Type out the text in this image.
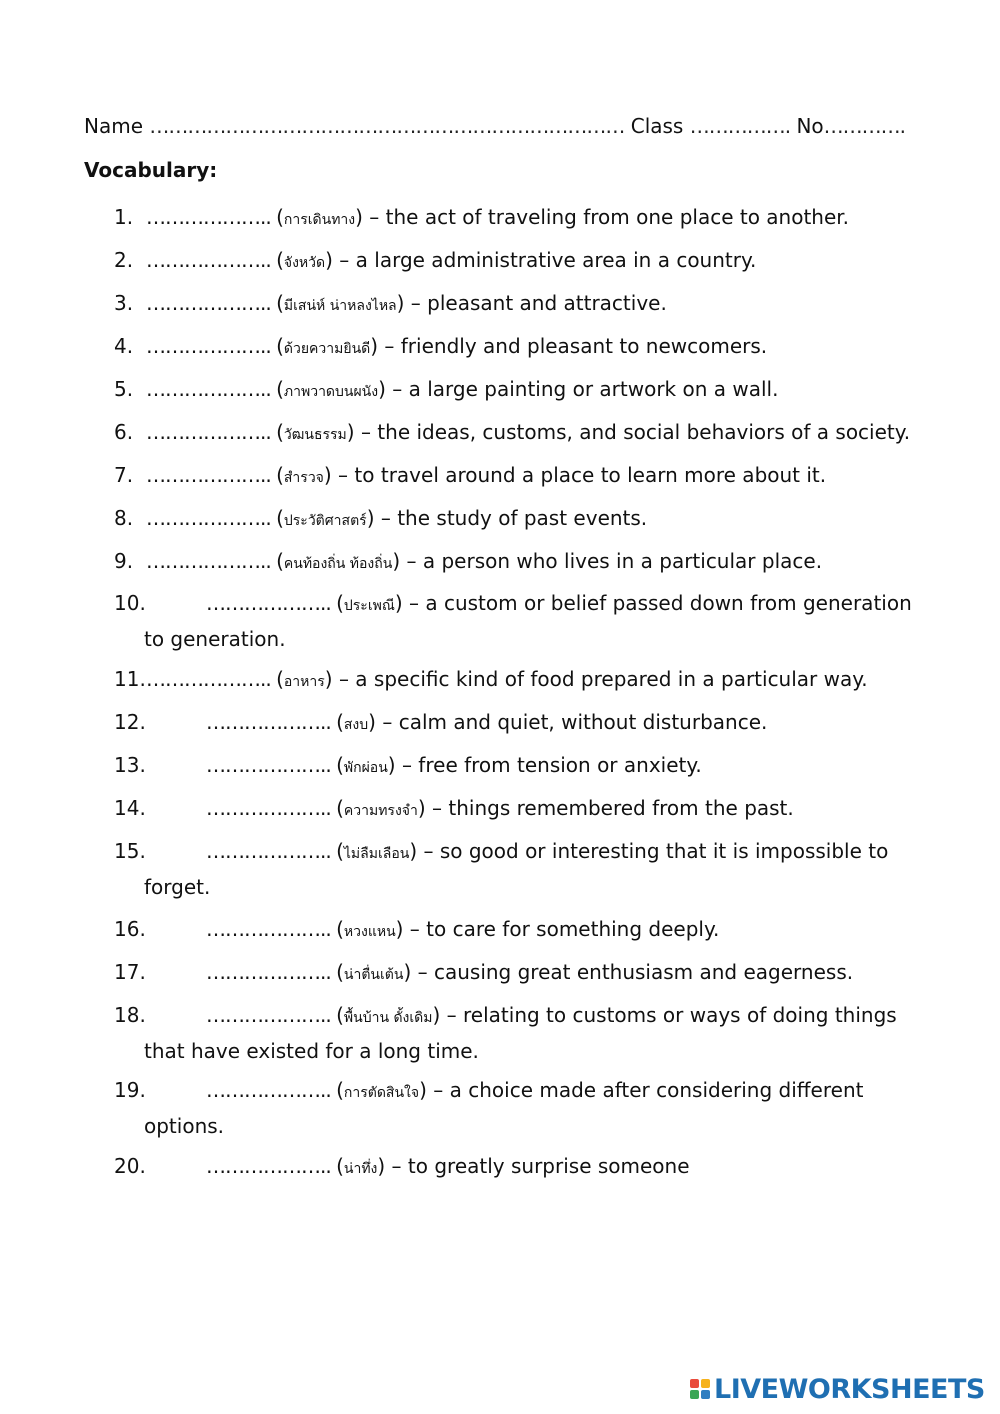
Name ………………………………………………………………… Class ……………. No………….
Vocabulary:
1. ……………….. (การเดินทาง) – the act of traveling from one place to another.
2. ……………….. (จังหวัด) – a large administrative area in a country.
3. ……………….. (มีเสน่ห์ น่าหลงไหล) – pleasant and attractive.
4. ……………….. (ด้วยความยินดี) – friendly and pleasant to newcomers.
5. ……………….. (ภาพวาดบนผนัง) – a large painting or artwork on a wall.
6. ……………….. (วัฒนธรรม) – the ideas, customs, and social behaviors of a society.
7. ……………….. (สำรวจ) – to travel around a place to learn more about it.
8. ……………….. (ประวัติศาสตร์) – the study of past events.
9. ……………….. (คนท้องถิ่น ท้องถิ่น) – a person who lives in a particular place.
10.	……………….. (ประเพณี) – a custom or belief passed down from generation
to generation.
11.……………….. (อาหาร) – a specific kind of food prepared in a particular way.
12.	……………….. (สงบ) – calm and quiet, without disturbance.
13.	……………….. (พักผ่อน) – free from tension or anxiety.
14.	……………….. (ความทรงจำ) – things remembered from the past.
15.	……………….. (ไม่ลืมเลือน) – so good or interesting that it is impossible to
forget.
16.	……………….. (หวงแหน) – to care for something deeply.
17.	……………….. (น่าตื่นเต้น) – causing great enthusiasm and eagerness.
18.	……………….. (พื้นบ้าน ดั้งเดิม) – relating to customs or ways of doing things
that have existed for a long time.
19.	……………….. (การตัดสินใจ) – a choice made after considering different
options.
20.	……………….. (น่าทึ่ง) – to greatly surprise someone
LIVEWORKSHEETS
